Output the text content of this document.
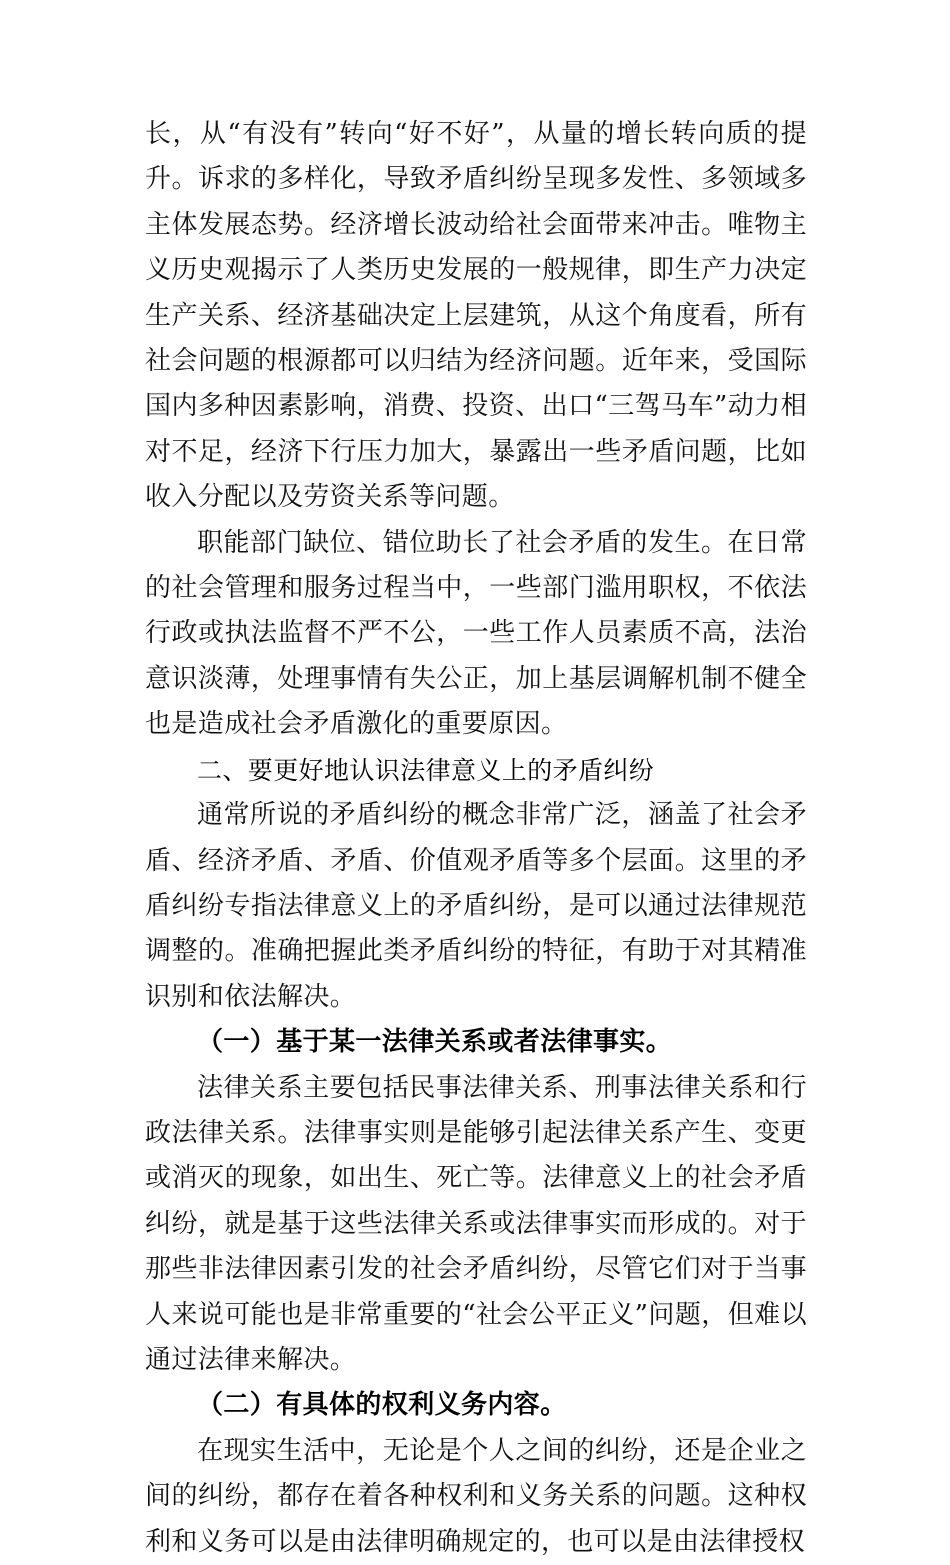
长，从“有没有”转向“好不好”，从量的增长转向质的提升。诉求的多样化，导致矛盾纠纷呈现多发性、多领域多主体发展态势。经济增长波动给社会面带来冲击。唯物主义历史观揭示了人类历史发展的一般规律，即生产力决定生产关系、经济基础决定上层建筑，从这个角度看，所有社会问题的根源都可以归结为经济问题。近年来，受国际国内多种因素影响，消费、投资、出口“三驾马车”动力相对不足，经济下行压力加大，暴露出一些矛盾问题，比如收入分配以及劳资关系等问题。

职能部门缺位、错位助长了社会矛盾的发生。在日常的社会管理和服务过程当中，一些部门滥用职权，不依法行政或执法监督不严不公，一些工作人员素质不高，法治意识淡薄，处理事情有失公正，加上基层调解机制不健全也是造成社会矛盾激化的重要原因。

二、要更好地认识法律意义上的矛盾纠纷

通常所说的矛盾纠纷的概念非常广泛，涵盖了社会矛盾、经济矛盾、矛盾、价值观矛盾等多个层面。这里的矛盾纠纷专指法律意义上的矛盾纠纷，是可以通过法律规范调整的。准确把握此类矛盾纠纷的特征，有助于对其精准识别和依法解决。

（一）基于某一法律关系或者法律事实。

法律关系主要包括民事法律关系、刑事法律关系和行政法律关系。法律事实则是能够引起法律关系产生、变更或消灭的现象，如出生、死亡等。法律意义上的社会矛盾纠纷，就是基于这些法律关系或法律事实而形成的。对于那些非法律因素引发的社会矛盾纠纷，尽管它们对于当事人来说可能也是非常重要的“社会公平正义”问题，但难以通过法律来解决。

（二）有具体的权利义务内容。

在现实生活中，无论是个人之间的纠纷，还是企业之间的纠纷，都存在着各种权利和义务关系的问题。这种权利和义务可以是由法律明确规定的，也可以是由法律授权
